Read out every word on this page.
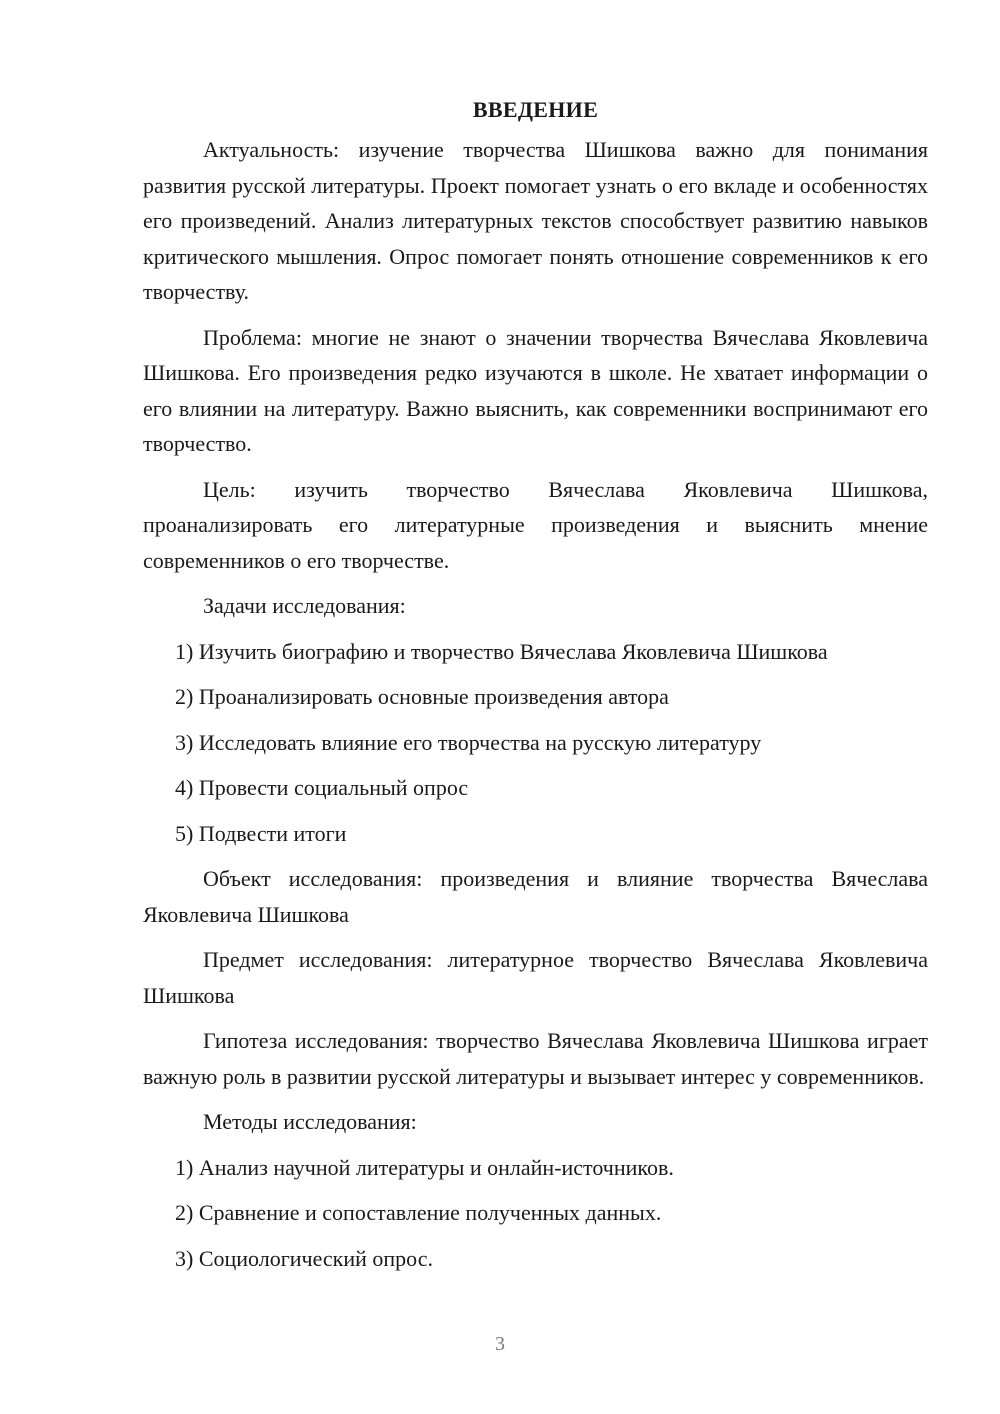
ВВЕДЕНИЕ

Актуальность: изучение творчества Шишкова важно для понимания развития русской литературы. Проект помогает узнать о его вкладе и особенностях его произведений. Анализ литературных текстов способствует развитию навыков критического мышления. Опрос помогает понять отношение современников к его творчеству.

Проблема: многие не знают о значении творчества Вячеслава Яковлевича Шишкова. Его произведения редко изучаются в школе. Не хватает информации о его влиянии на литературу. Важно выяснить, как современники воспринимают его творчество.

Цель: изучить творчество Вячеслава Яковлевича Шишкова, проанализировать его литературные произведения и выяснить мнение современников о его творчестве.

Задачи исследования:

1) Изучить биографию и творчество Вячеслава Яковлевича Шишкова
2) Проанализировать основные произведения автора
3) Исследовать влияние его творчества на русскую литературу
4) Провести социальный опрос
5) Подвести итоги

Объект исследования: произведения и влияние творчества Вячеслава Яковлевича Шишкова

Предмет исследования: литературное творчество Вячеслава Яковлевича Шишкова

Гипотеза исследования: творчество Вячеслава Яковлевича Шишкова играет важную роль в развитии русской литературы и вызывает интерес у современников.

Методы исследования:

1) Анализ научной литературы и онлайн-источников.
2) Сравнение и сопоставление полученных данных.
3) Социологический опрос.
3
